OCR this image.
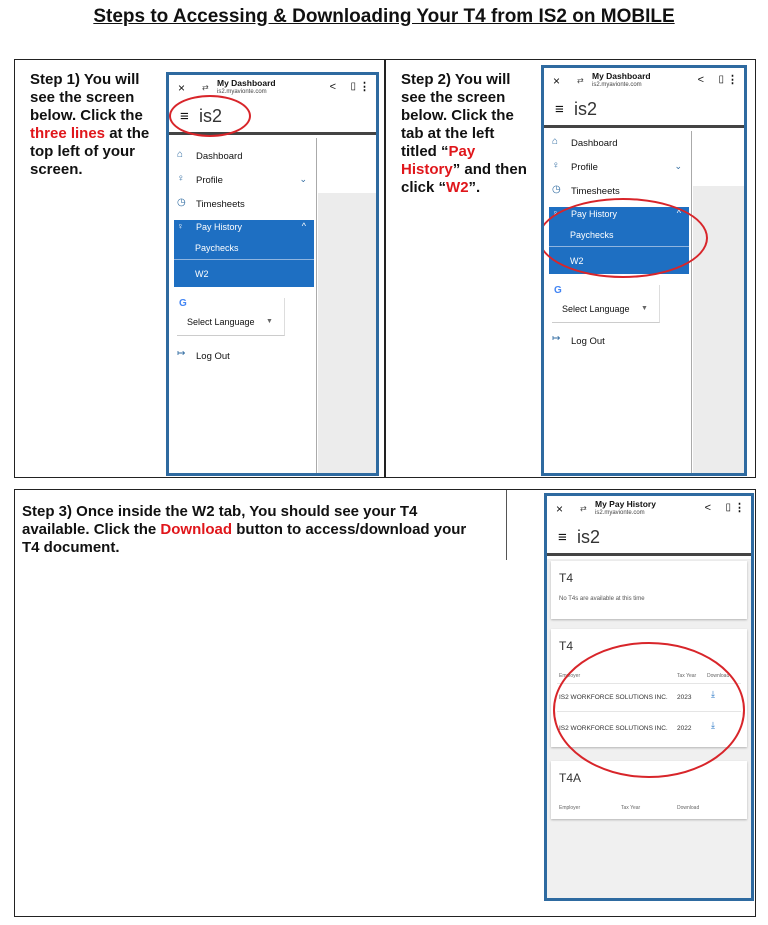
Steps to Accessing & Downloading Your T4 from IS2 on MOBILE
Step 1) You will see the screen below. Click the three lines at the top left of your screen.
× ⇄ My Dashboard
is2.myavionte.com	< ▯ ⋮
≡ is2
⌂ Dashboard
♀ Profile	⌄
◷ Timesheets
♀ Pay History	^
Paychecks
W2
G
Select Language ▼
↦ Log Out
Step 2) You will see the screen below. Click the tab at the left titled “Pay History” and then click “W2”.
× ⇄ My Dashboard
is2.myavionte.com	< ▯ ⋮
≡ is2
⌂ Dashboard
♀ Profile	⌄
◷ Timesheets
♀ Pay History	^
Paychecks
W2
G
Select Language ▼
↦ Log Out
Step 3) Once inside the W2 tab, You should see your T4 available. Click the Download button to access/download your T4 document.
× ⇄ My Pay History
is2.myavionte.com	< ▯ ⋮
≡ is2
T4
No T4s are available at this time
T4
Employer	Tax Year Download
IS2 WORKFORCE SOLUTIONS INC. 2023 ⤓
IS2 WORKFORCE SOLUTIONS INC. 2022 ⤓
T4A
Employer	Tax Year	Download
